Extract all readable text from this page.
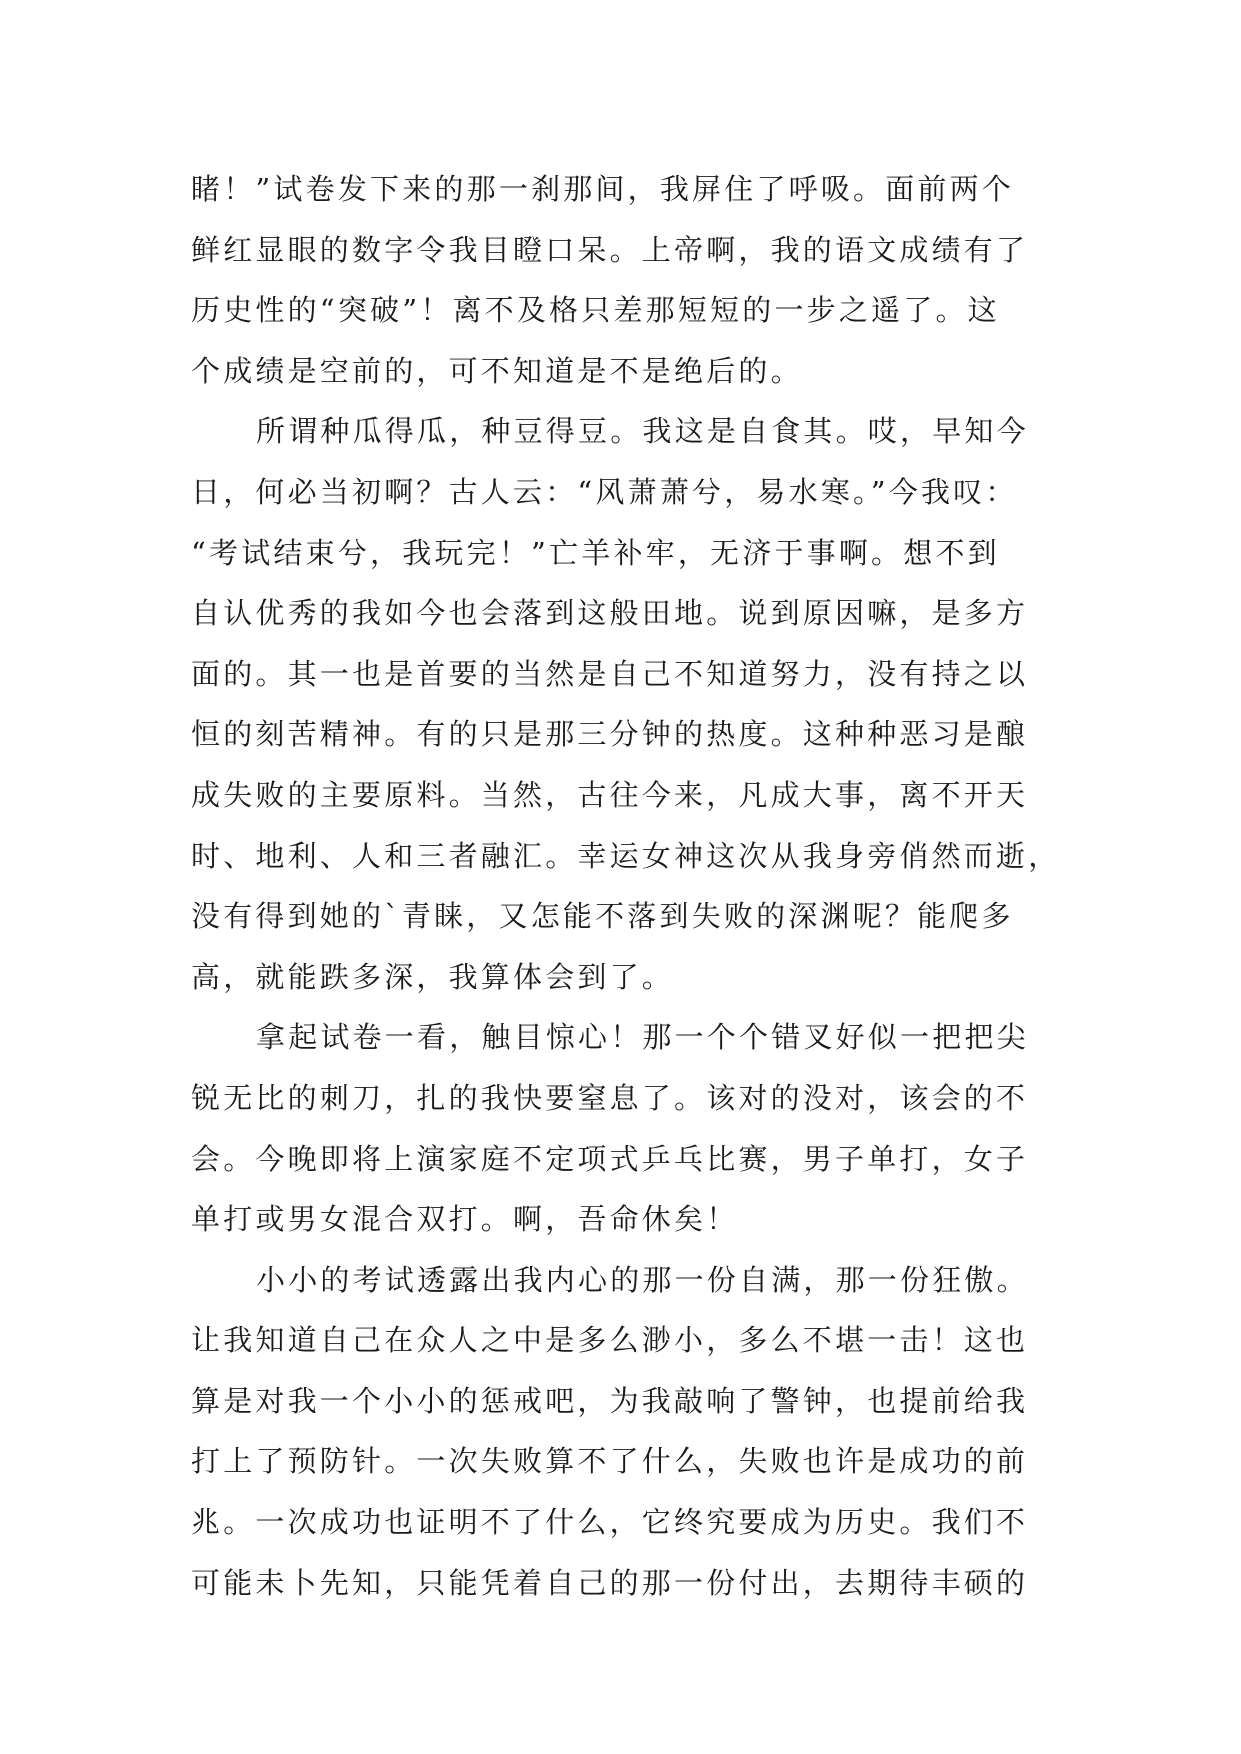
睹！”试卷发下来的那一刹那间，我屏住了呼吸。面前两个
鲜红显眼的数字令我目瞪口呆。上帝啊，我的语文成绩有了
历史性的“突破”！离不及格只差那短短的一步之遥了。这
个成绩是空前的，可不知道是不是绝后的。
所谓种瓜得瓜，种豆得豆。我这是自食其。哎，早知今
日，何必当初啊？古人云：“风萧萧兮，易水寒。”今我叹：
“考试结束兮，我玩完！”亡羊补牢，无济于事啊。想不到
自认优秀的我如今也会落到这般田地。说到原因嘛，是多方
面的。其一也是首要的当然是自己不知道努力，没有持之以
恒的刻苦精神。有的只是那三分钟的热度。这种种恶习是酿
成失败的主要原料。当然，古往今来，凡成大事，离不开天
时、地利、人和三者融汇。幸运女神这次从我身旁俏然而逝，
没有得到她的`青睐，又怎能不落到失败的深渊呢？能爬多
高，就能跌多深，我算体会到了。
拿起试卷一看，触目惊心！那一个个错叉好似一把把尖
锐无比的刺刀，扎的我快要窒息了。该对的没对，该会的不
会。今晚即将上演家庭不定项式乒乓比赛，男子单打，女子
单打或男女混合双打。啊，吾命休矣！
小小的考试透露出我内心的那一份自满，那一份狂傲。
让我知道自己在众人之中是多么渺小，多么不堪一击！这也
算是对我一个小小的惩戒吧，为我敲响了警钟，也提前给我
打上了预防针。一次失败算不了什么，失败也许是成功的前
兆。一次成功也证明不了什么，它终究要成为历史。我们不
可能未卜先知，只能凭着自己的那一份付出，去期待丰硕的
